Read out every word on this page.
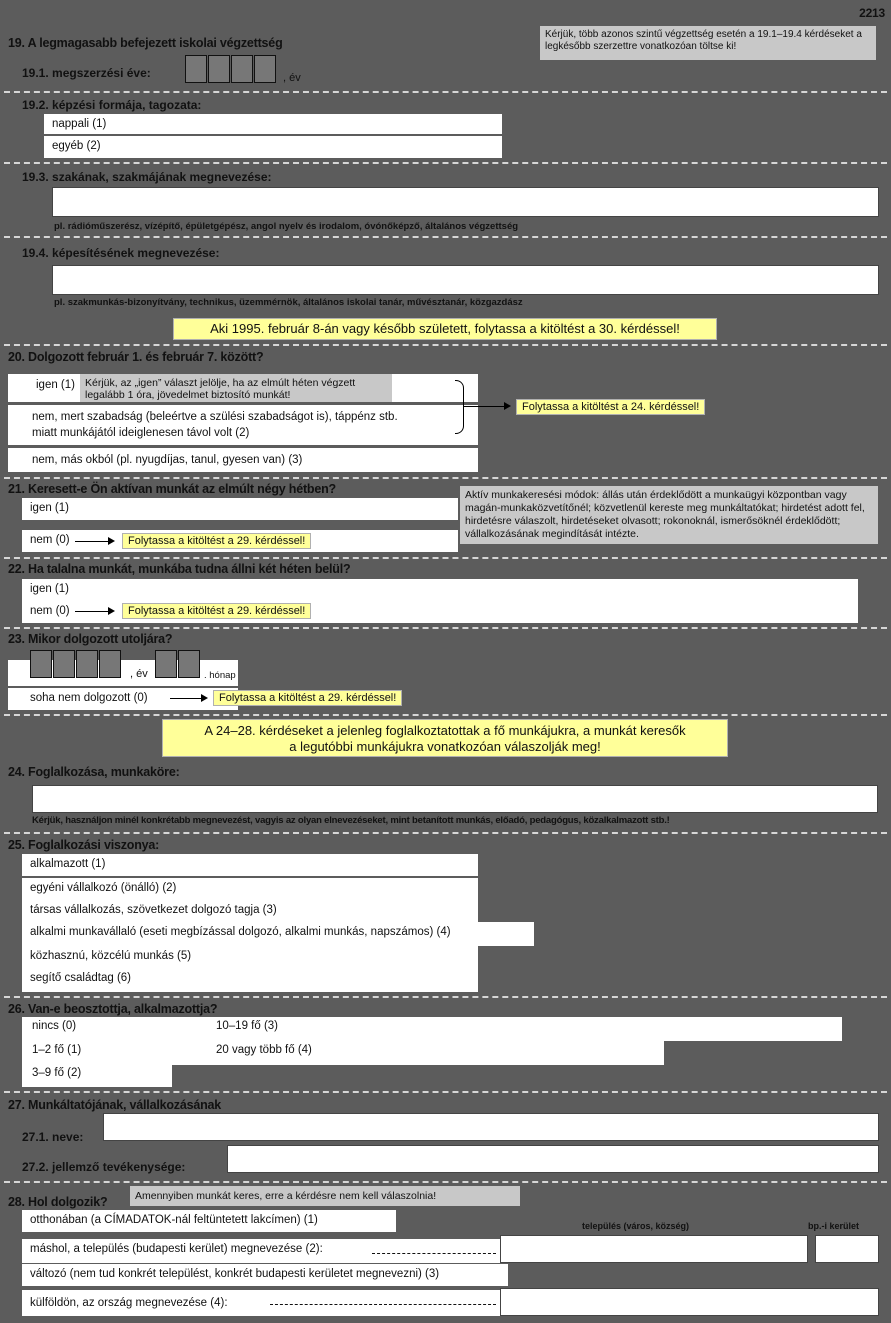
2213
19. A legmagasabb befejezett iskolai végzettség
Kérjük, több azonos szintű végzettség esetén a 19.1–19.4 kérdéseket a legkésőbb szerzettre vonatkozóan töltse ki!
19.1. megszerzési éve:	, év
19.2. képzési formája, tagozata:
nappali (1)
egyéb (2)
19.3. szakának, szakmájának megnevezése:
pl. rádióműszerész, vízépítő, épületgépész, angol nyelv és irodalom, óvónőképző, általános végzettség
19.4. képesítésének megnevezése:
pl. szakmunkás-bizonyítvány, technikus, üzemmérnök, általános iskolai tanár, művésztanár, közgazdász
Aki 1995. február 8-án vagy később született, folytassa a kitöltést a 30. kérdéssel!
20. Dolgozott február 1. és február 7. között?
igen (1) Kérjük, az „igen” választ jelölje, ha az elmúlt héten végzett legalább 1 óra, jövedelmet biztosító munkát!
nem, mert szabadság (beleértve a szülési szabadságot is), táppénz stb.
miatt munkájától ideiglenesen távol volt (2)
nem, más okból (pl. nyugdíjas, tanul, gyesen van) (3)
Folytassa a kitöltést a 24. kérdéssel!
21. Keresett-e Ön aktívan munkát az elmúlt négy hétben?	Aktív munkakeresési módok: állás után érdeklődött a munkaügyi központban vagy magán-munkaközvetítőnél; közvetlenül kereste meg munkáltatókat; hirdetést adott fel, hirdetésre válaszolt, hirdetéseket olvasott; rokonoknál, ismerősöknél érdeklődött; vállalkozásának megindítását intézte.
igen (1)
nem (0)	Folytassa a kitöltést a 29. kérdéssel!
22. Ha talalna munkát, munkába tudna állni két héten belül?
igen (1)
nem (0)	Folytassa a kitöltést a 29. kérdéssel!
23. Mikor dolgozott utoljára?
, év	. hónap
soha nem dolgozott (0)	Folytassa a kitöltést a 29. kérdéssel!
A 24–28. kérdéseket a jelenleg foglalkoztatottak a fő munkájukra, a munkát keresők
a legutóbbi munkájukra vonatkozóan válaszolják meg!
24. Foglalkozása, munkaköre:
Kérjük, használjon minél konkrétabb megnevezést, vagyis az olyan elnevezéseket, mint betanított munkás, előadó, pedagógus, közalkalmazott stb.!
25. Foglalkozási viszonya:
alkalmazott (1)
egyéni vállalkozó (önálló) (2)
társas vállalkozás, szövetkezet dolgozó tagja (3)
alkalmi munkavállaló (eseti megbízással dolgozó, alkalmi munkás, napszámos) (4)
közhasznú, közcélú munkás (5)
segítő családtag (6)
26. Van-e beosztottja, alkalmazottja?
nincs (0)
1–2 fő (1)
3–9 fő (2)
10–19 fő (3)
20 vagy több fő (4)
27. Munkáltatójának, vállalkozásának
27.1. neve:
27.2. jellemző tevékenysége:
28. Hol dolgozik?	Amennyiben munkát keres, erre a kérdésre nem kell válaszolnia!
otthonában (a CÍMADATOK-nál feltüntetett lakcímen) (1)	település (város, község)	bp.-i kerület
máshol, a település (budapesti kerület) megnevezése (2):
változó (nem tud konkrét települést, konkrét budapesti kerületet megnevezni) (3)
külföldön, az ország megnevezése (4):
